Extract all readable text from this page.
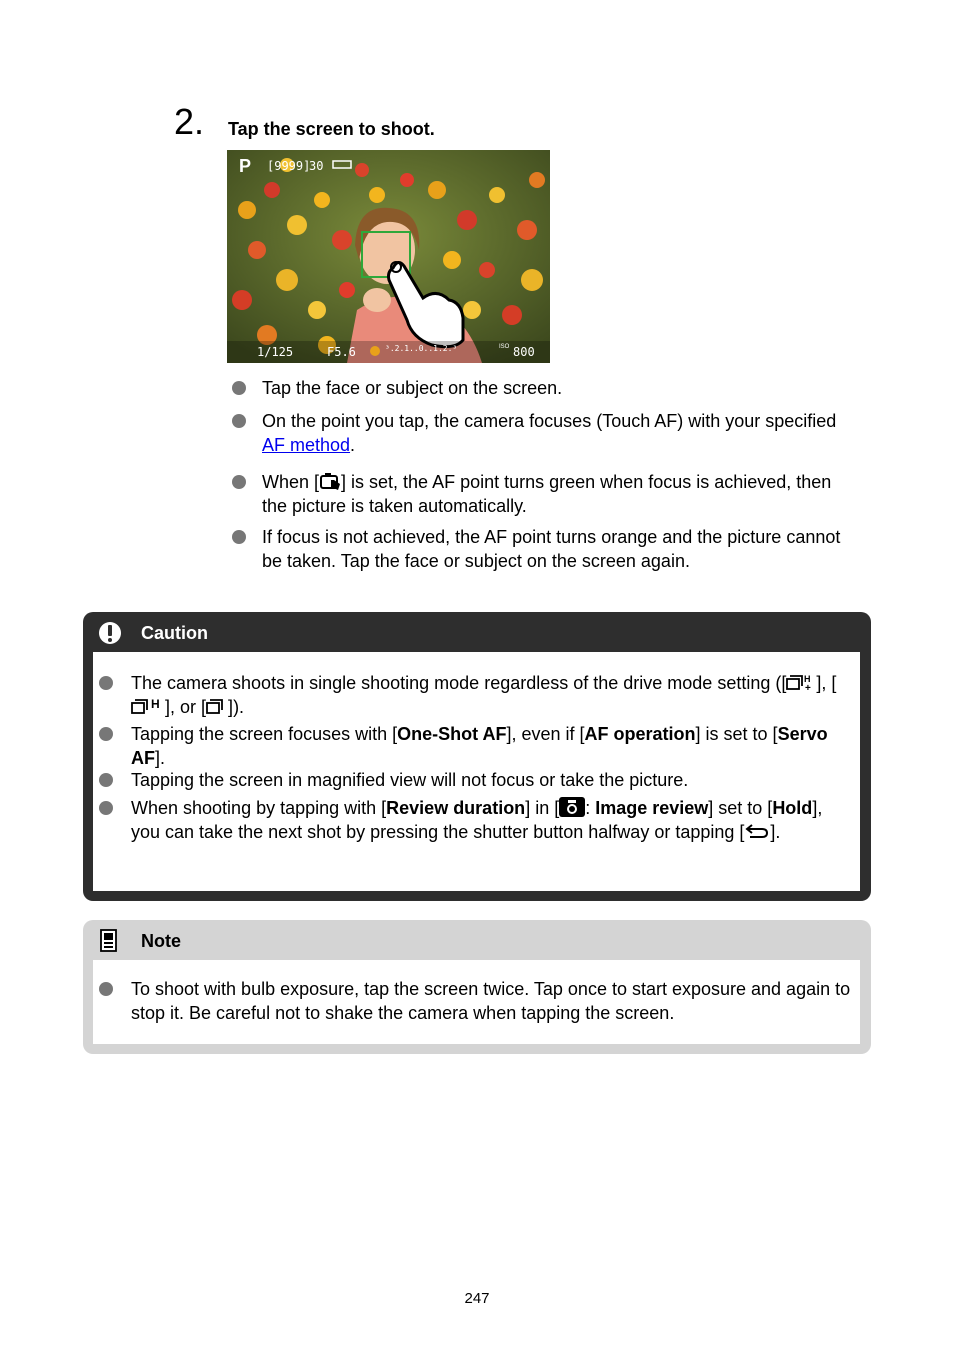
2. Tap the screen to shoot.
P [9999]
30
1/125	F5.6	³.2.1..0..1.2.³	ISO 800
Tap the face or subject on the screen.
On the point you tap, the camera focuses (Touch AF) with your specified AF method.
When [ ] is set, the AF point turns green when focus is achieved, then the picture is taken automatically.
If focus is not achieved, the AF point turns orange and the picture cannot be taken. Tap the face or subject on the screen again.
Caution
The camera shoots in single shooting mode regardless of the drive mode setting ([ H
+ ], [
H ], or [ ]).
Tapping the screen focuses with [One-Shot AF], even if [AF operation] is set to [Servo AF].
Tapping the screen in magnified view will not focus or take the picture.
When shooting by tapping with [Review duration] in [ : Image review] set to [Hold], you can take the next shot by pressing the shutter button halfway or tapping [ ].
Note
To shoot with bulb exposure, tap the screen twice. Tap once to start exposure and again to stop it. Be careful not to shake the camera when tapping the screen.
247
